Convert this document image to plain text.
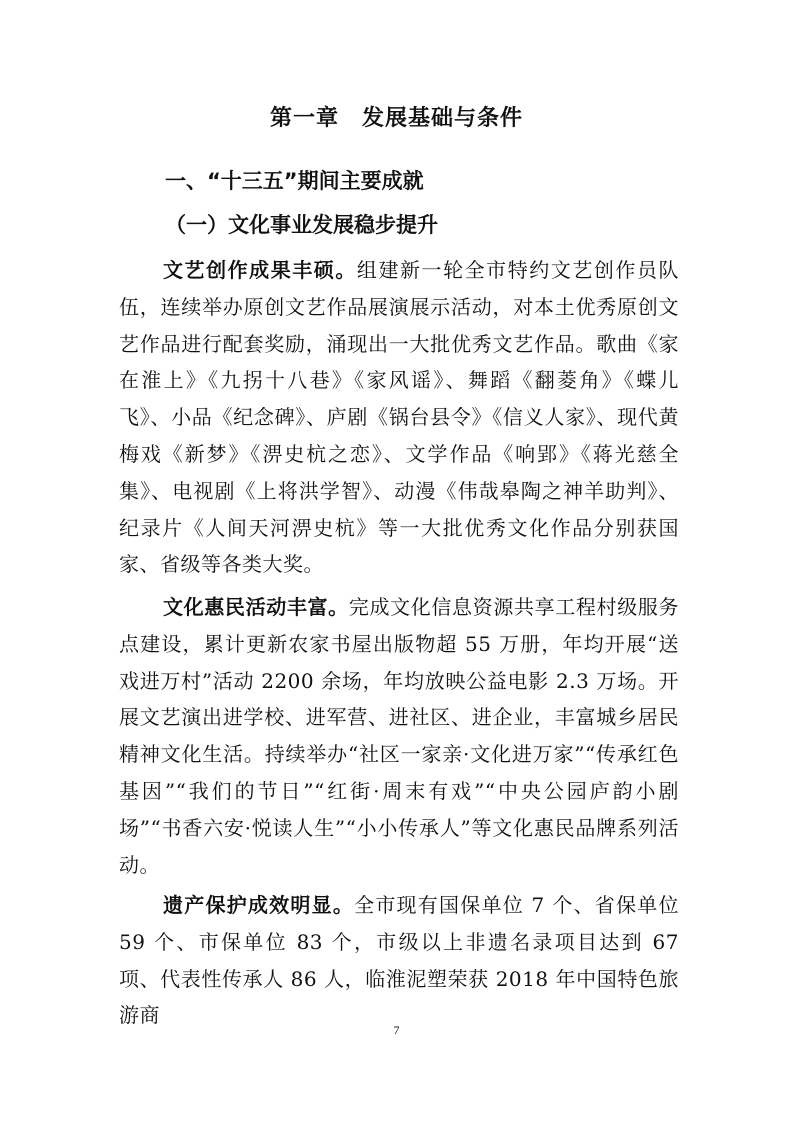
第一章　发展基础与条件
一、“十三五”期间主要成就
（一）文化事业发展稳步提升

文艺创作成果丰硕。组建新一轮全市特约文艺创作员队伍，连续举办原创文艺作品展演展示活动，对本土优秀原创文艺作品进行配套奖励，涌现出一大批优秀文艺作品。歌曲《家在淮上》《九拐十八巷》《家风谣》、舞蹈《翻菱角》《蝶儿飞》、小品《纪念碑》、庐剧《锅台县令》《信义人家》、现代黄梅戏《新梦》《淠史杭之恋》、文学作品《响郢》《蒋光慈全集》、电视剧《上将洪学智》、动漫《伟哉皋陶之神羊助判》、纪录片《人间天河淠史杭》等一大批优秀文化作品分别获国家、省级等各类大奖。

文化惠民活动丰富。完成文化信息资源共享工程村级服务点建设，累计更新农家书屋出版物超 55 万册，年均开展“送戏进万村”活动 2200 余场，年均放映公益电影 2.3 万场。开展文艺演出进学校、进军营、进社区、进企业，丰富城乡居民精神文化生活。持续举办“社区一家亲·文化进万家”“传承红色基因”“我们的节日”“红街·周末有戏”“中央公园庐韵小剧场”“书香六安·悦读人生”“小小传承人”等文化惠民品牌系列活动。

遗产保护成效明显。全市现有国保单位 7 个、省保单位 59 个、市保单位 83 个，市级以上非遗名录项目达到 67 项、代表性传承人 86 人，临淮泥塑荣获 2018 年中国特色旅游商

7
